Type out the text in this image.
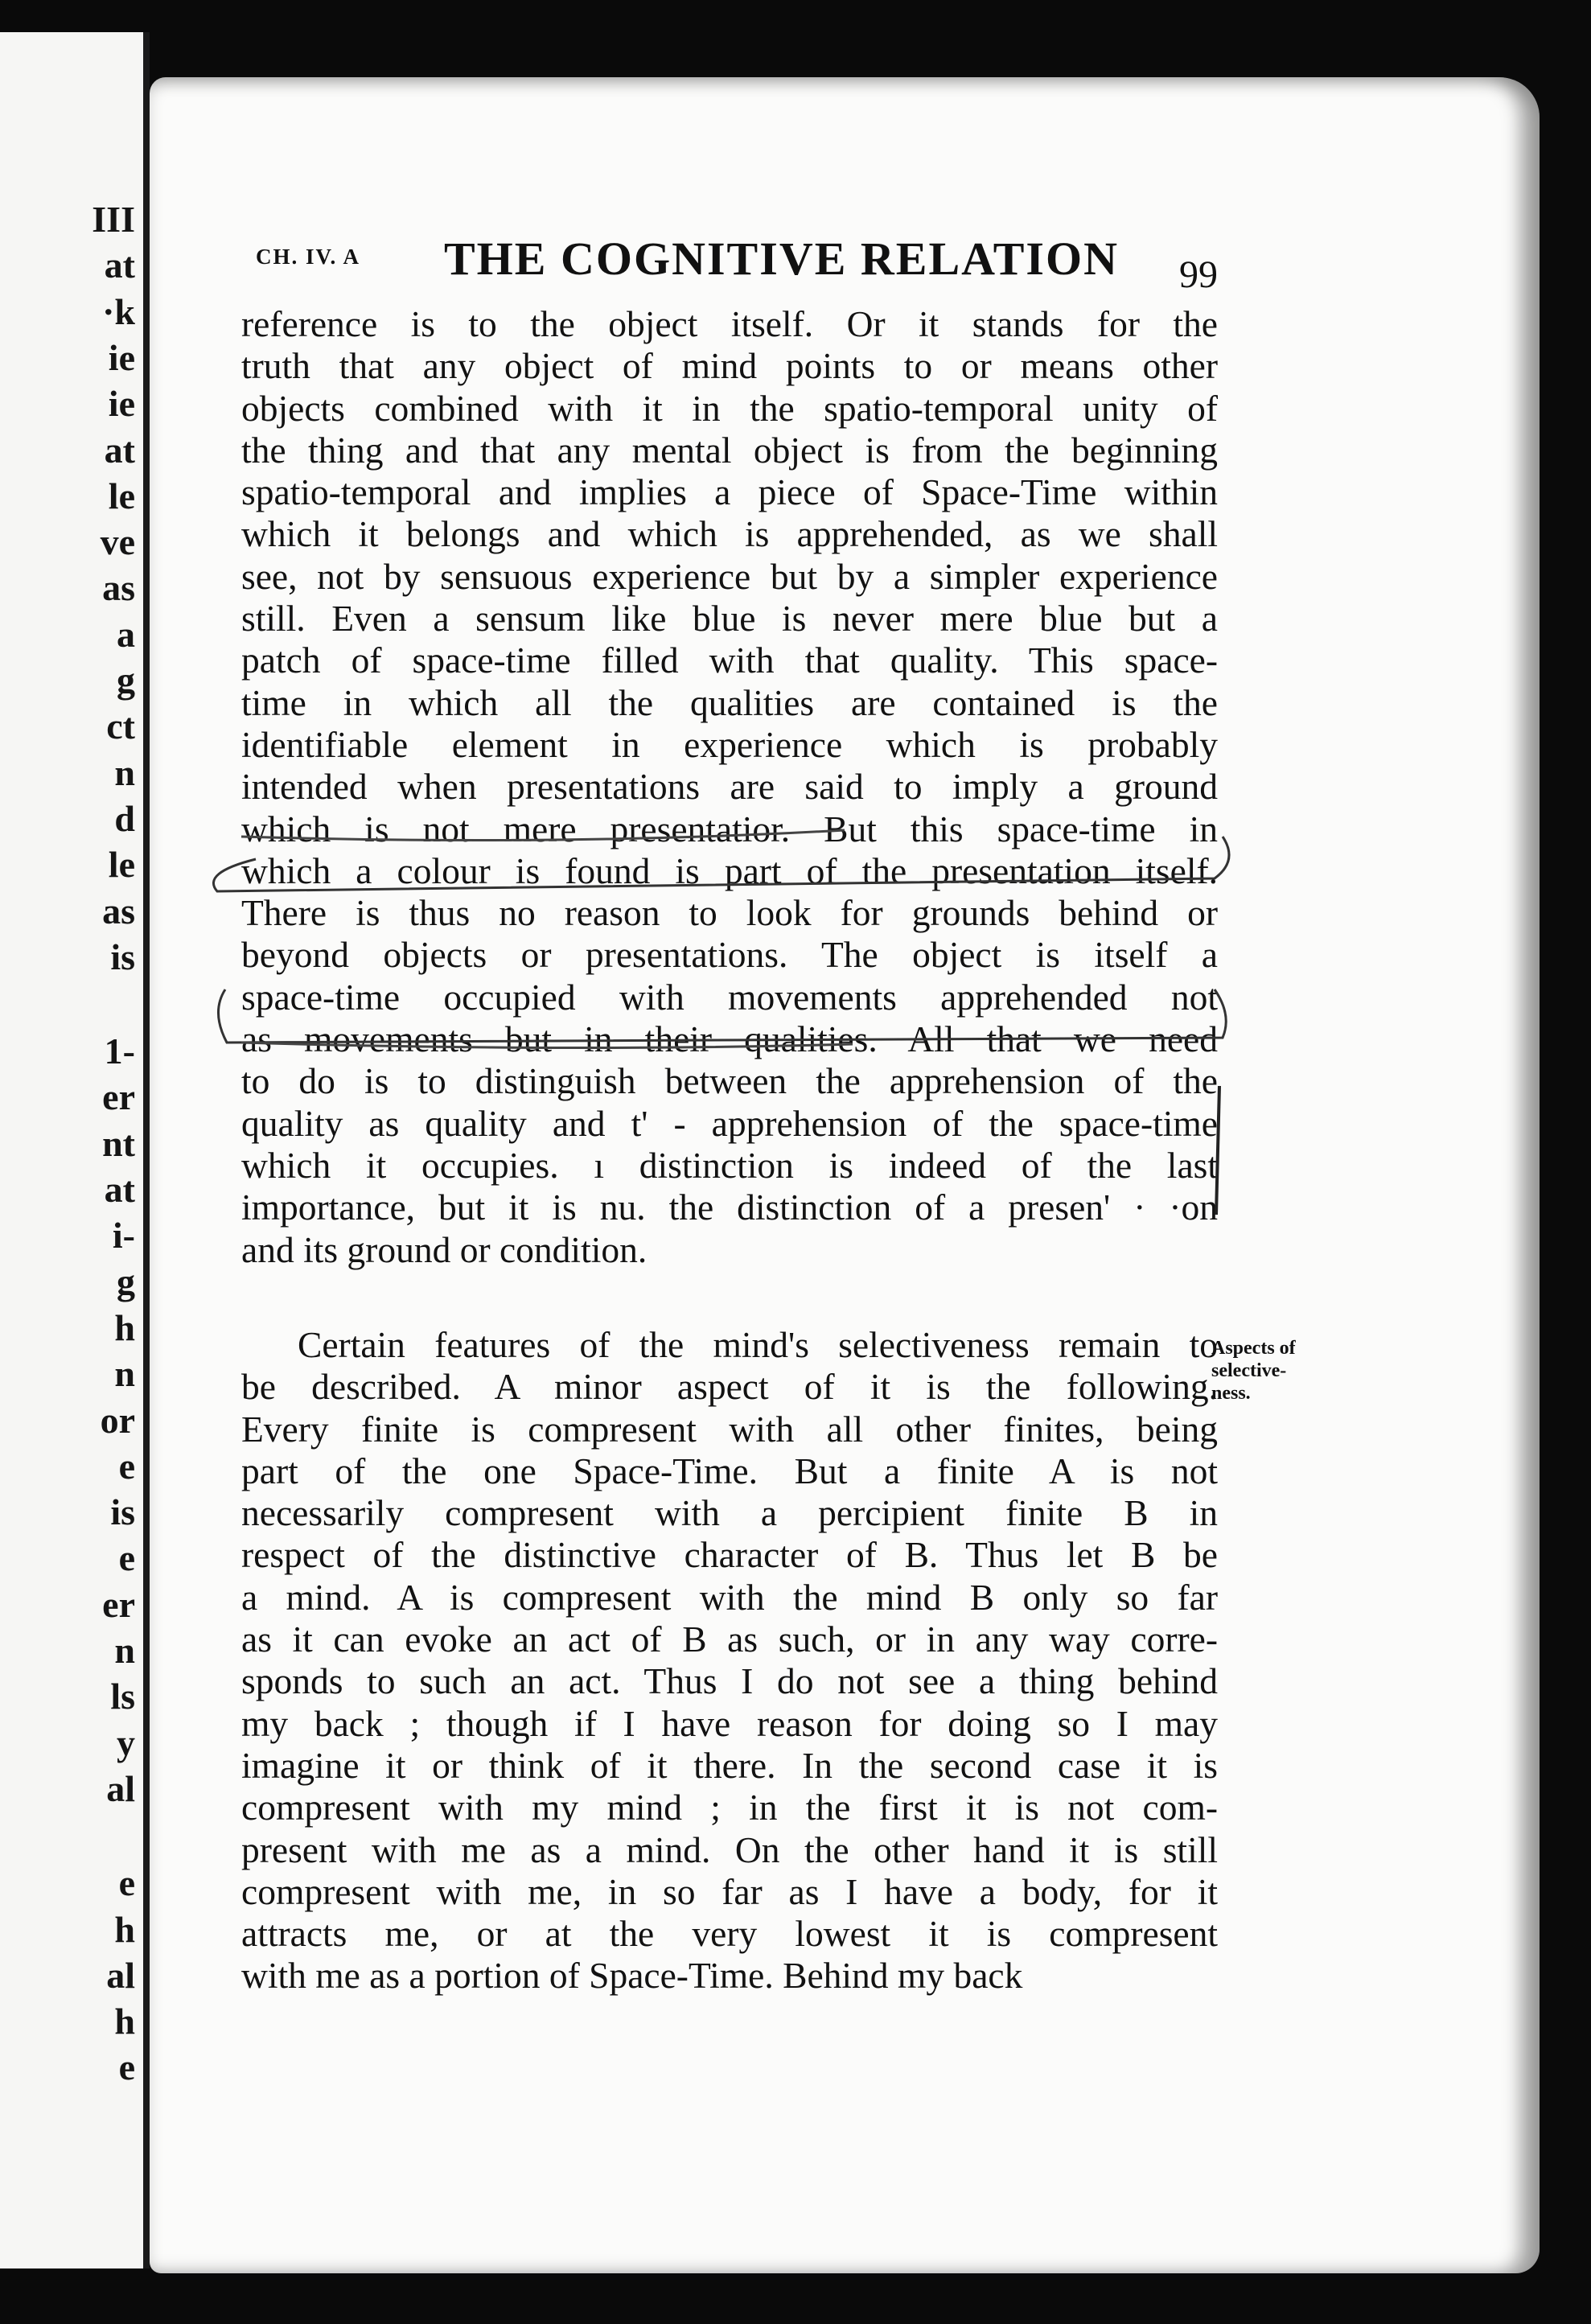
III
at
·k
ie
ie
at
le
ve
as
a
g
ct
n
d
le
as
is
1-
er
nt
at
i-
g
h
n
or
e
is
e
er
n
ls
y
al
e
h
al
h
e
CH. IV. A THE COGNITIVE RELATION 99
reference is to the object itself. Or it stands for the
truth that any object of mind points to or means other
objects combined with it in the spatio-temporal unity of
the thing and that any mental object is from the beginning
spatio-temporal and implies a piece of Space-Time within
which it belongs and which is apprehended, as we shall
see, not by sensuous experience but by a simpler experience
still. Even a sensum like blue is never mere blue but a
patch of space-time filled with that quality. This space-
time in which all the qualities are contained is the
identifiable element in experience which is probably
intended when presentations are said to imply a ground
which is not mere presentatior. But this space-time in
which a colour is found is part of the presentation itself.
There is thus no reason to look for grounds behind or
beyond objects or presentations. The object is itself a
space-time occupied with movements apprehended not
as movements but in their qualities. All that we need
to do is to distinguish between the apprehension of the
quality as quality and t' - apprehension of the space-time
which it occupies. ı distinction is indeed of the last
importance, but it is nu. the distinction of a presen' · ·on
and its ground or condition.
Certain features of the mind's selectiveness remain to
be described. A minor aspect of it is the following.
Every finite is compresent with all other finites, being
part of the one Space-Time. But a finite A is not
necessarily compresent with a percipient finite B in
respect of the distinctive character of B. Thus let B be
a mind. A is compresent with the mind B only so far
as it can evoke an act of B as such, or in any way corre-
sponds to such an act. Thus I do not see a thing behind
my back ; though if I have reason for doing so I may
imagine it or think of it there. In the second case it is
compresent with my mind ; in the first it is not com-
present with me as a mind. On the other hand it is still
compresent with me, in so far as I have a body, for it
attracts me, or at the very lowest it is compresent
with me as a portion of Space-Time. Behind my back
Aspects of
selective-
ness.
